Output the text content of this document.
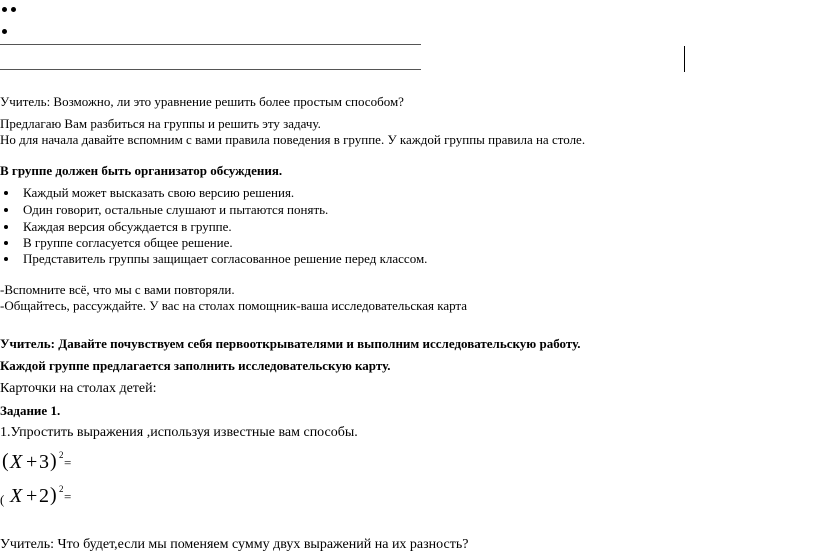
Учитель: Возможно, ли это уравнение решить более простым способом?
Предлагаю Вам разбиться на группы и решить эту задачу.
Но для начала давайте вспомним с вами правила поведения в группе. У каждой группы правила на столе.
В группе должен быть организатор обсуждения.
Каждый может высказать свою версию решения.
Один говорит, остальные слушают и пытаются понять.
Каждая версия обсуждается в группе.
В группе согласуется общее решение.
Представитель группы защищает согласованное решение перед классом.
-Вспомните всё, что мы с вами повторяли.
-Общайтесь, рассуждайте. У вас на столах помощник-ваша исследовательская карта
Учитель: Давайте почувствуем себя первооткрывателями и выполним исследовательскую работу.
Каждой группе предлагается заполнить исследовательскую карту.
Карточки на столах детей:
Задание 1.
1.Упростить выражения ,используя известные вам способы.
( X + 3 ) 2 =
( X + 2 ) 2 =
Учитель: Что будет,если мы поменяем сумму двух выражений на их разность?
